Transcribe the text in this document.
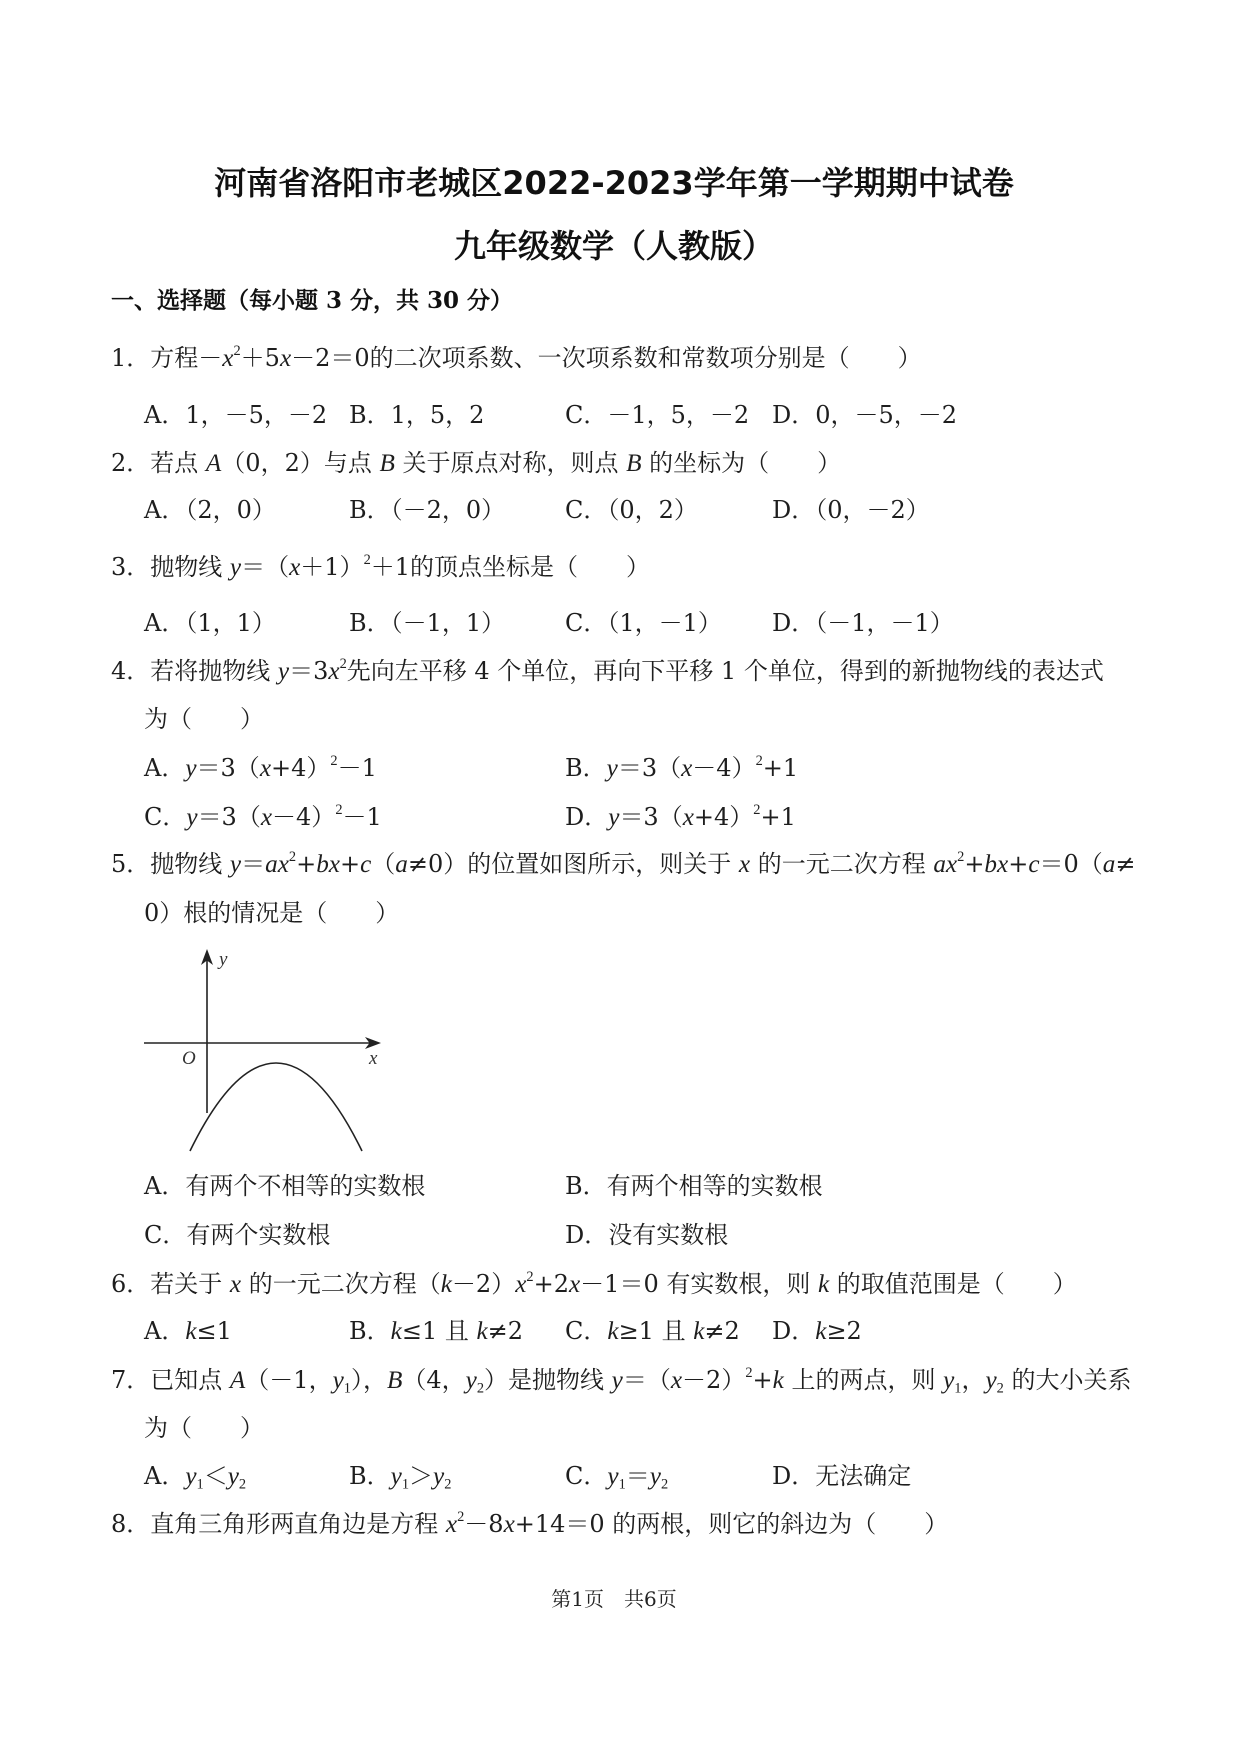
河南省洛阳市老城区2022-2023学年第一学期期中试卷
九年级数学（人教版）
一、选择题（每小题 3 分，共 30 分）
1．方程$-x^2+5x-2=0$的二次项系数、一次项系数和常数项分别是（　　）
A．1，－5，－2 B．1，5，2	C．－1，5，－2 D．0，－5，－2
2．若点 A（0，2）与点 B 关于原点对称，则点 B 的坐标为（　　）
A．（2，0）	B．（－2，0） C．（0，2）	D．（0，－2）
3．抛物线 $y=(x+1)^2+1$的顶点坐标是（　　）
A．（1，1）	B．（－1，1） C．（1，－1） D．（－1，－1）
4．若将抛物线 $y=3x^2$先向左平移 4 个单位，再向下平移 1 个单位，得到的新抛物线的表达式
为（　　）
A．$y=3(x+4)^2-1$	B．$y=3(x-4)^2+1$
C．$y=3(x-4)^2-1$	D．$y=3(x+4)^2+1$
5．抛物线 $y=ax^2+bx+c(a\ne 0)$的位置如图所示，则关于 x 的一元二次方程 $ax^2+bx+c=0(a\ne$
0）根的情况是（　　）
y
O	x
A．有两个不相等的实数根	B．有两个相等的实数根
C．有两个实数根	D．没有实数根
6．若关于 x 的一元二次方程$(k-2)x^2+2x-1=0$ 有实数根，则 k 的取值范围是（　　）
A．k≤1	B．k≤1 且 k≠2 C．k≥1 且 k≠2 D．k≥2
7．已知点 A（－1，y1），B（4，y2）是抛物线 $y=(x-2)^2+k$ 上的两点，则 y1，y2 的大小关系
为（　　）
A．y1＜y2	B．y1＞y2	C．y1＝y2	D．无法确定
8．直角三角形两直角边是方程 $x^2-8x+14=0$ 的两根，则它的斜边为（　　）
第1页　共6页
